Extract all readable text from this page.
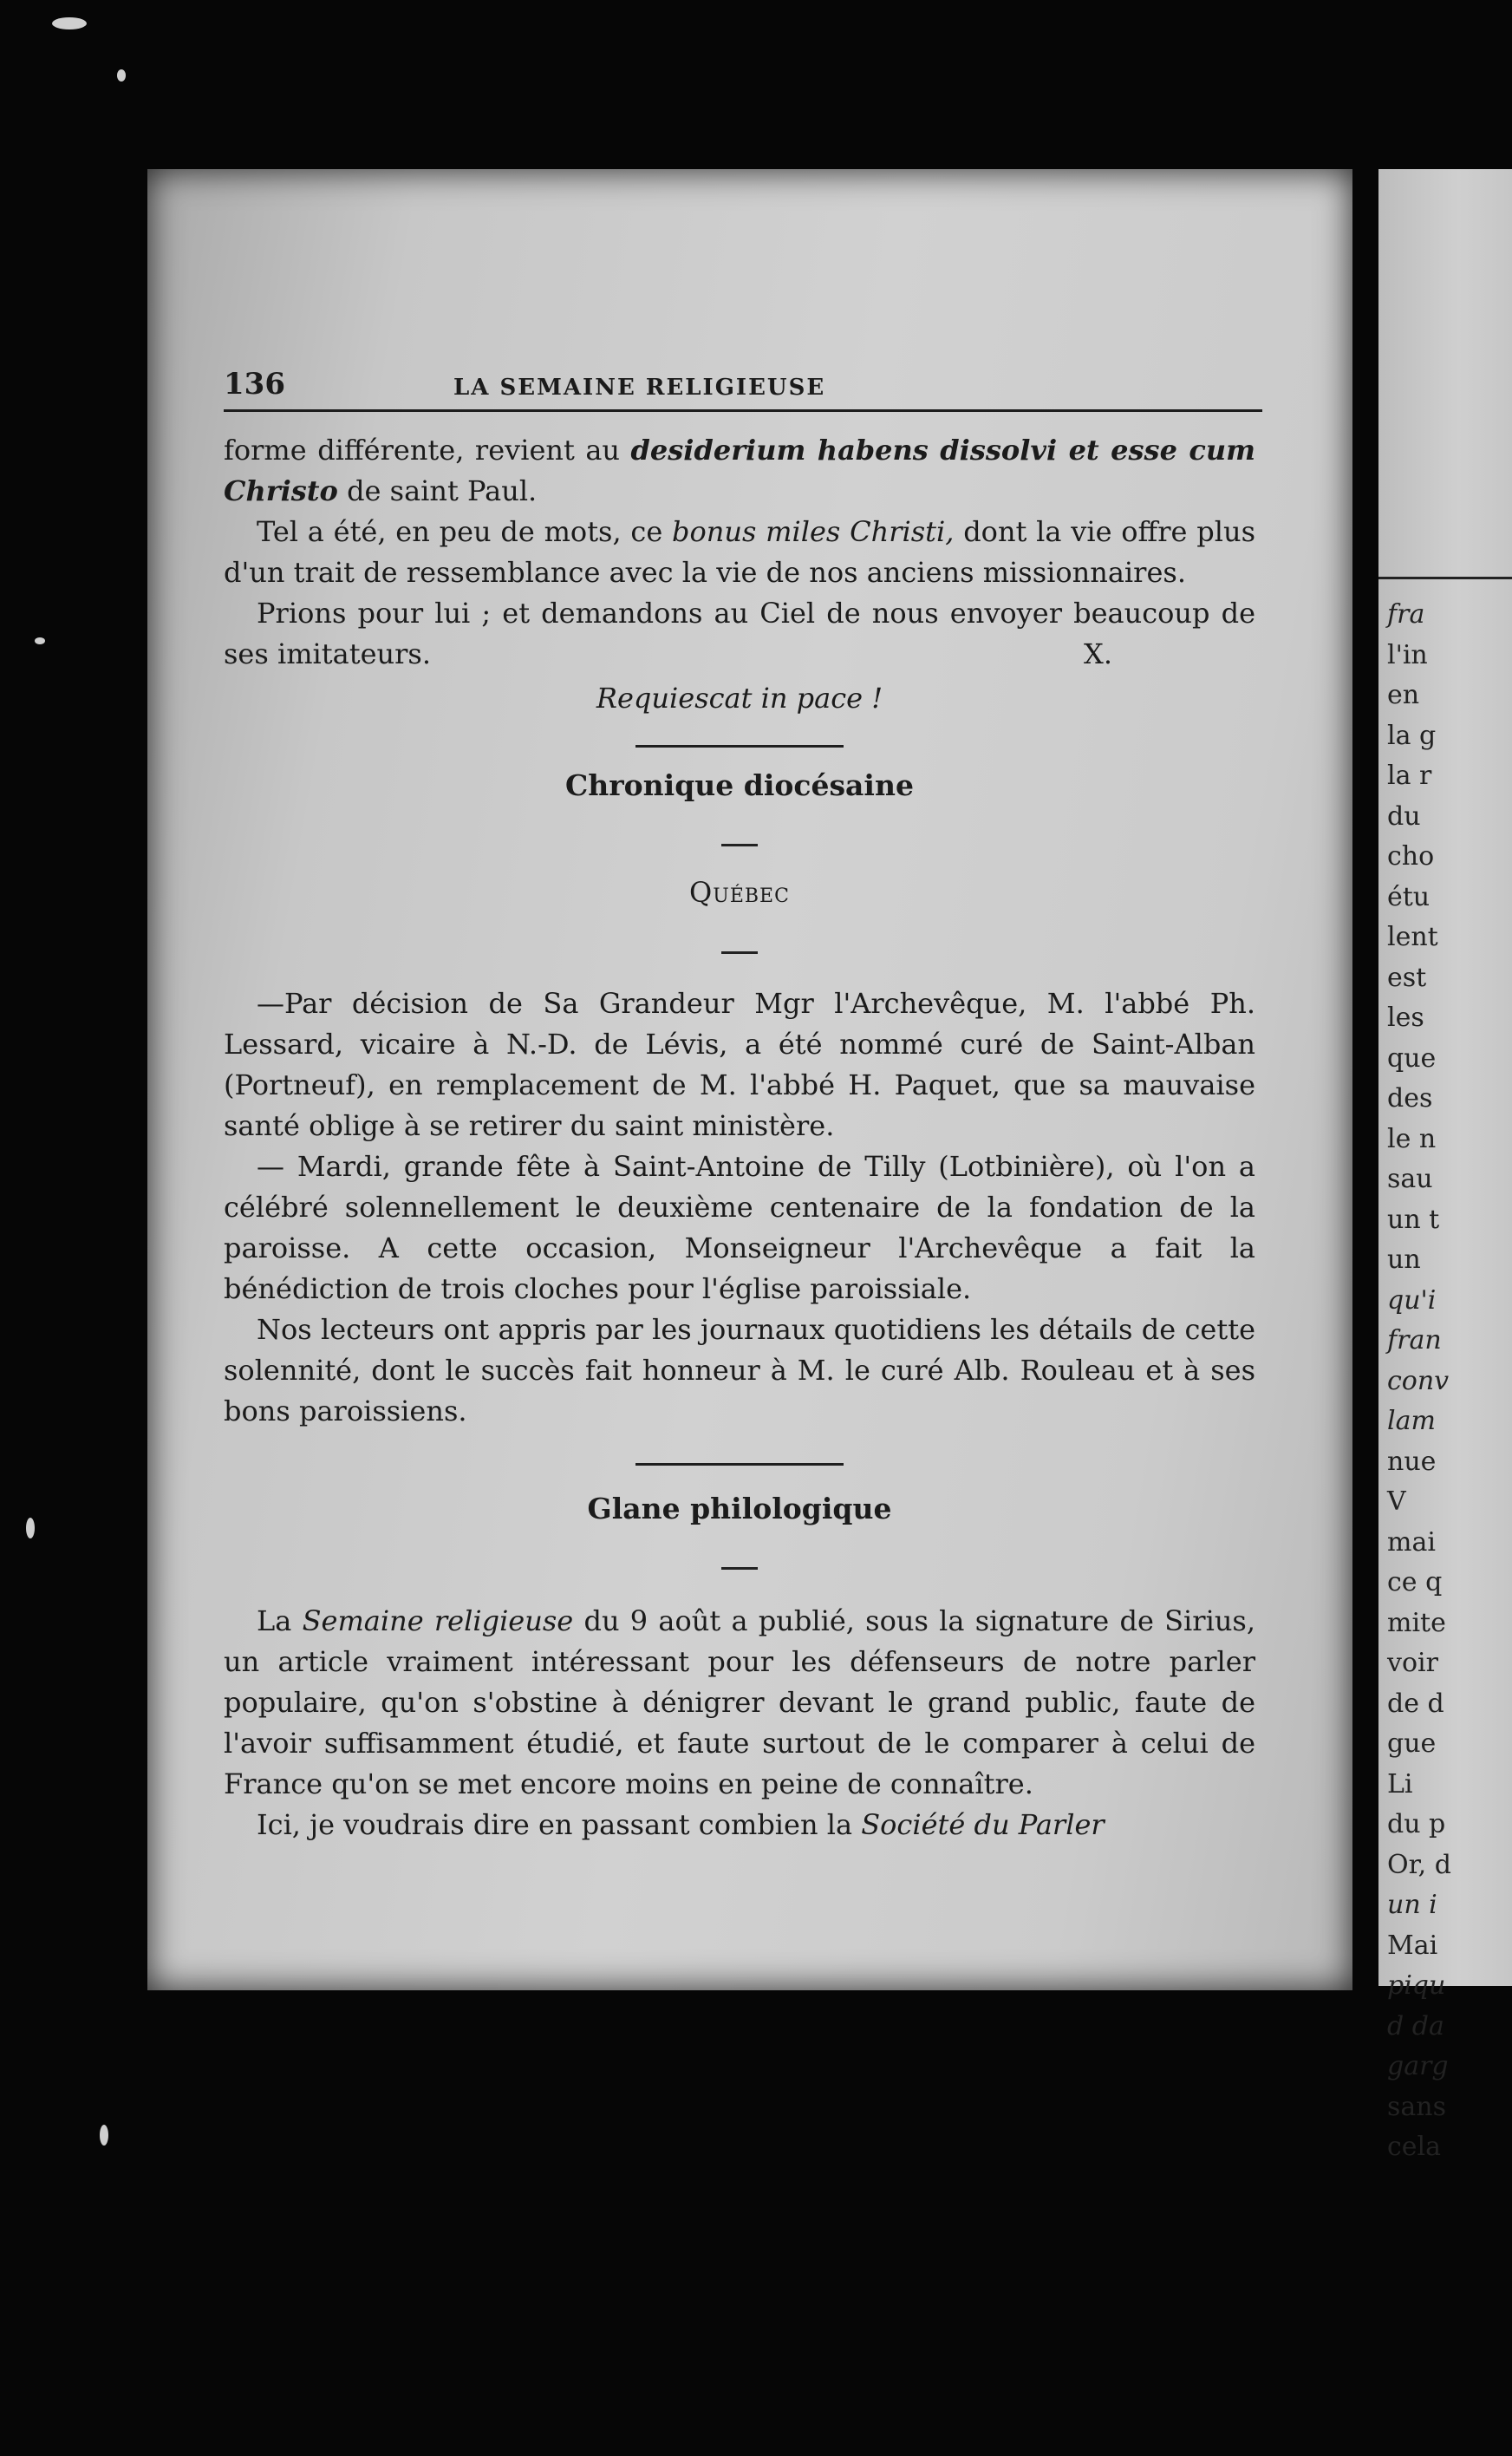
fra
l'in
en
la g
la r
du
cho
étu
lent
est
les
que
des
le n
sau
un t
un
qu'i
fran
conv
lam
nue
V
mai
ce q
mite
voir
de d
gue
Li
du p
Or, d
un i
Mai
piqu
d da
garg
sans
cela
136	LA SEMAINE RELIGIEUSE

forme différente, revient au desiderium habens dissolvi et esse cum Christo de saint Paul.

Tel a été, en peu de mots, ce bonus miles Christi, dont la vie offre plus d'un trait de ressemblance avec la vie de nos anciens missionnaires.

Prions pour lui ; et demandons au Ciel de nous envoyer beaucoup de ses imitateurs.	X.

Requiescat in pace !

Chronique diocésaine
Québec

—Par décision de Sa Grandeur Mgr l'Archevêque, M. l'abbé Ph. Lessard, vicaire à N.-D. de Lévis, a été nommé curé de Saint-Alban (Portneuf), en remplacement de M. l'abbé H. Paquet, que sa mauvaise santé oblige à se retirer du saint ministère.

— Mardi, grande fête à Saint-Antoine de Tilly (Lotbinière), où l'on a célébré solennellement le deuxième centenaire de la fondation de la paroisse. A cette occasion, Monseigneur l'Archevêque a fait la bénédiction de trois cloches pour l'église paroissiale.

Nos lecteurs ont appris par les journaux quotidiens les détails de cette solennité, dont le succès fait honneur à M. le curé Alb. Rouleau et à ses bons paroissiens.

Glane philologique

La Semaine religieuse du 9 août a publié, sous la signature de Sirius, un article vraiment intéressant pour les défenseurs de notre parler populaire, qu'on s'obstine à dénigrer devant le grand public, faute de l'avoir suffisamment étudié, et faute surtout de le comparer à celui de France qu'on se met encore moins en peine de connaître.

Ici, je voudrais dire en passant combien la Société du Parler
